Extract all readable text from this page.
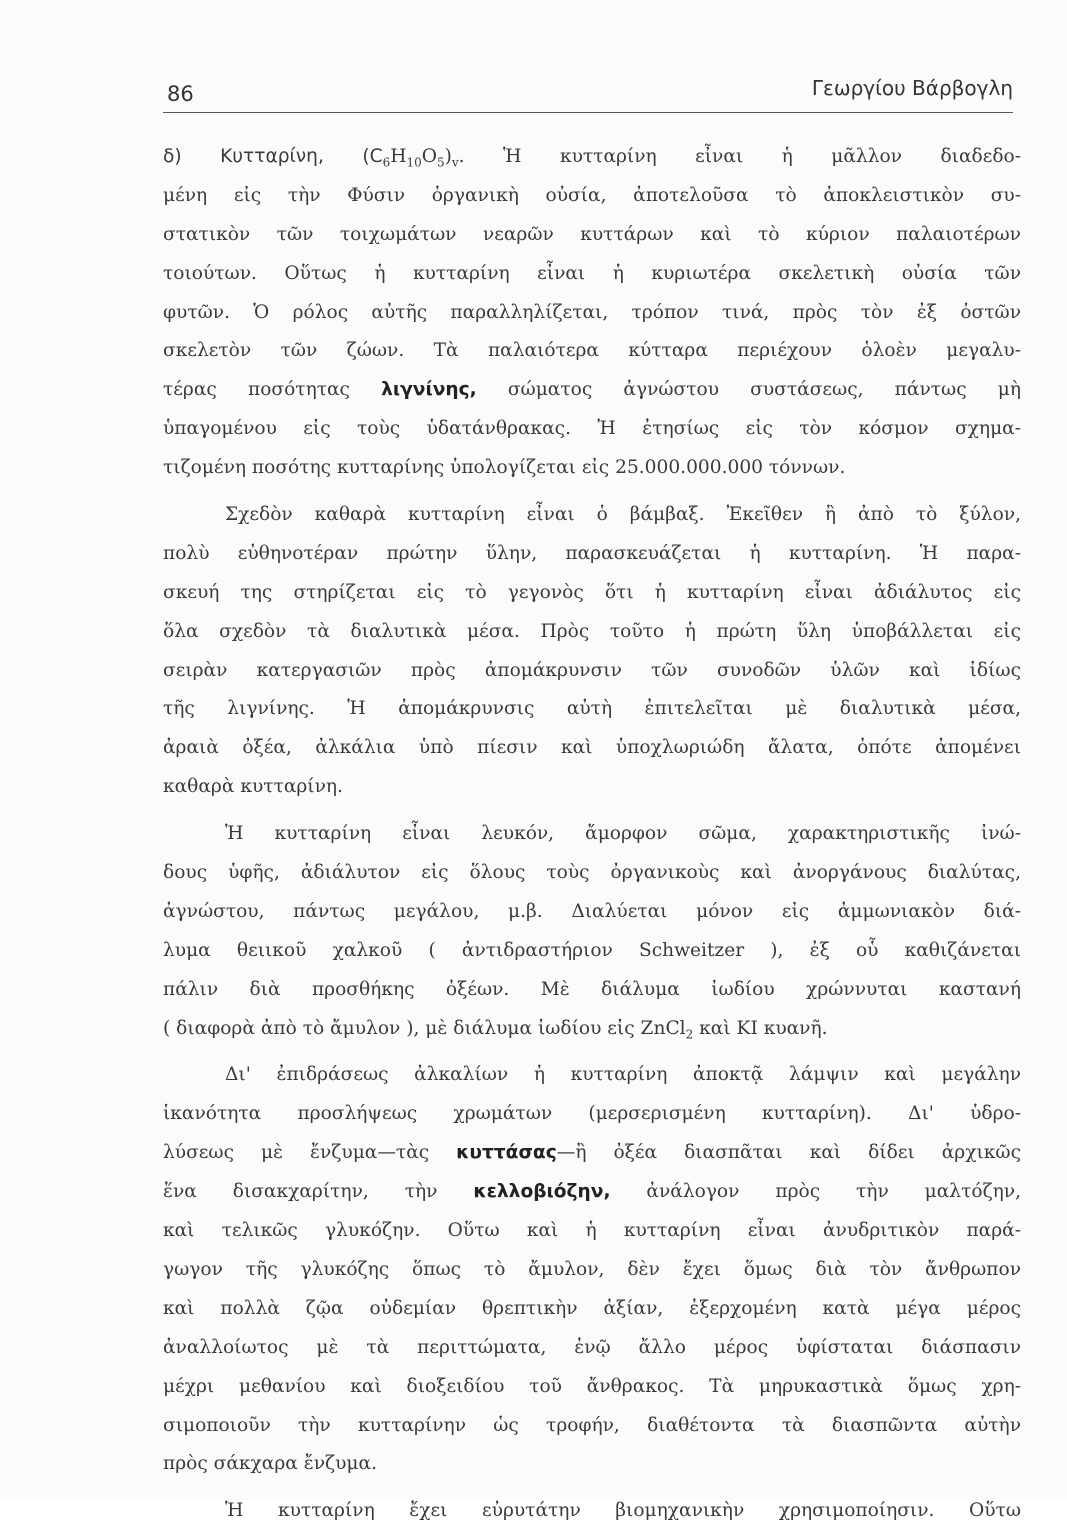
86	Γεωργίου Βάρβογλη
δ) Κυτταρίνη, $(C_6H_{10}O_5)_v$. Ἡ κυτταρίνη εἶναι ἡ μᾶλλον διαδεδο-
μένη εἰς τὴν Φύσιν ὀργανικὴ οὐσία, ἀποτελοῦσα τὸ ἀποκλειστικὸν συ-
στατικὸν τῶν τοιχωμάτων νεαρῶν κυττάρων καὶ τὸ κύριον παλαιοτέρων
τοιούτων. Οὕτως ἡ κυτταρίνη εἶναι ἡ κυριωτέρα σκελετικὴ οὐσία τῶν
φυτῶν. Ὁ ρόλος αὐτῆς παραλληλίζεται, τρόπον τινά, πρὸς τὸν ἐξ ὀστῶν
σκελετὸν τῶν ζώων. Τὰ παλαιότερα κύτταρα περιέχουν ὁλοὲν μεγαλυ-
τέρας ποσότητας λιγνίνης, σώματος ἀγνώστου συστάσεως, πάντως μὴ
ὑπαγομένου εἰς τοὺς ὑδατάνθρακας. Ἡ ἐτησίως εἰς τὸν κόσμον σχημα-
τιζομένη ποσότης κυτταρίνης ὑπολογίζεται εἰς 25.000.000.000 τόννων.
Σχεδὸν καθαρὰ κυτταρίνη εἶναι ὁ βάμβαξ. Ἐκεῖθεν ἢ ἀπὸ τὸ ξύλον,
πολὺ εὐθηνοτέραν πρώτην ὕλην, παρασκευάζεται ἡ κυτταρίνη. Ἡ παρα-
σκευή της στηρίζεται εἰς τὸ γεγονὸς ὅτι ἡ κυτταρίνη εἶναι ἀδιάλυτος εἰς
ὅλα σχεδὸν τὰ διαλυτικὰ μέσα. Πρὸς τοῦτο ἡ πρώτη ὕλη ὑποβάλλεται εἰς
σειρὰν κατεργασιῶν πρὸς ἀπομάκρυνσιν τῶν συνοδῶν ὑλῶν καὶ ἰδίως
τῆς λιγνίνης. Ἡ ἀπομάκρυνσις αὐτὴ ἐπιτελεῖται μὲ διαλυτικὰ μέσα,
ἀραιὰ ὀξέα, ἀλκάλια ὑπὸ πίεσιν καὶ ὑποχλωριώδη ἄλατα, ὁπότε ἀπομένει
καθαρὰ κυτταρίνη.
Ἡ κυτταρίνη εἶναι λευκόν, ἄμορφον σῶμα, χαρακτηριστικῆς ἰνώ-
δους ὑφῆς, ἀδιάλυτον εἰς ὅλους τοὺς ὀργανικοὺς καὶ ἀνοργάνους διαλύτας,
ἀγνώστου, πάντως μεγάλου, μ.β. Διαλύεται μόνον εἰς ἀμμωνιακὸν διά-
λυμα θειικοῦ χαλκοῦ ( ἀντιδραστήριον Schweitzer ), ἐξ οὗ καθιζάνεται
πάλιν διὰ προσθήκης ὀξέων. Μὲ διάλυμα ἰωδίου χρώννυται καστανή
( διαφορὰ ἀπὸ τὸ ἄμυλον ), μὲ διάλυμα ἰωδίου εἰς ZnCl$_2$ καὶ KI κυανῆ.
Δι' ἐπιδράσεως ἀλκαλίων ἡ κυτταρίνη ἀποκτᾷ λάμψιν καὶ μεγάλην
ἱκανότητα προσλήψεως χρωμάτων (μερσερισμένη κυτταρίνη). Δι' ὑδρο-
λύσεως μὲ ἔνζυμα—τὰς κυττάσας—ἢ ὀξέα διασπᾶται καὶ δίδει ἀρχικῶς
ἕνα δισακχαρίτην, τὴν κελλοβιόζην, ἀνάλογον πρὸς τὴν μαλτόζην,
καὶ τελικῶς γλυκόζην. Οὕτω καὶ ἡ κυτταρίνη εἶναι ἀνυδριτικὸν παρά-
γωγον τῆς γλυκόζης ὅπως τὸ ἄμυλον, δὲν ἔχει ὅμως διὰ τὸν ἄνθρωπον
καὶ πολλὰ ζῷα οὐδεμίαν θρεπτικὴν ἀξίαν, ἐξερχομένη κατὰ μέγα μέρος
ἀναλλοίωτος μὲ τὰ περιττώματα, ἐνῷ ἄλλο μέρος ὑφίσταται διάσπασιν
μέχρι μεθανίου καὶ διοξειδίου τοῦ ἄνθρακος. Τὰ μηρυκαστικὰ ὅμως χρη-
σιμοποιοῦν τὴν κυτταρίνην ὡς τροφήν, διαθέτοντα τὰ διασπῶντα αὐτὴν
πρὸς σάκχαρα ἔνζυμα.
Ἡ κυτταρίνη ἔχει εὐρυτάτην βιομηχανικὴν χρησιμοποίησιν. Οὕτω
